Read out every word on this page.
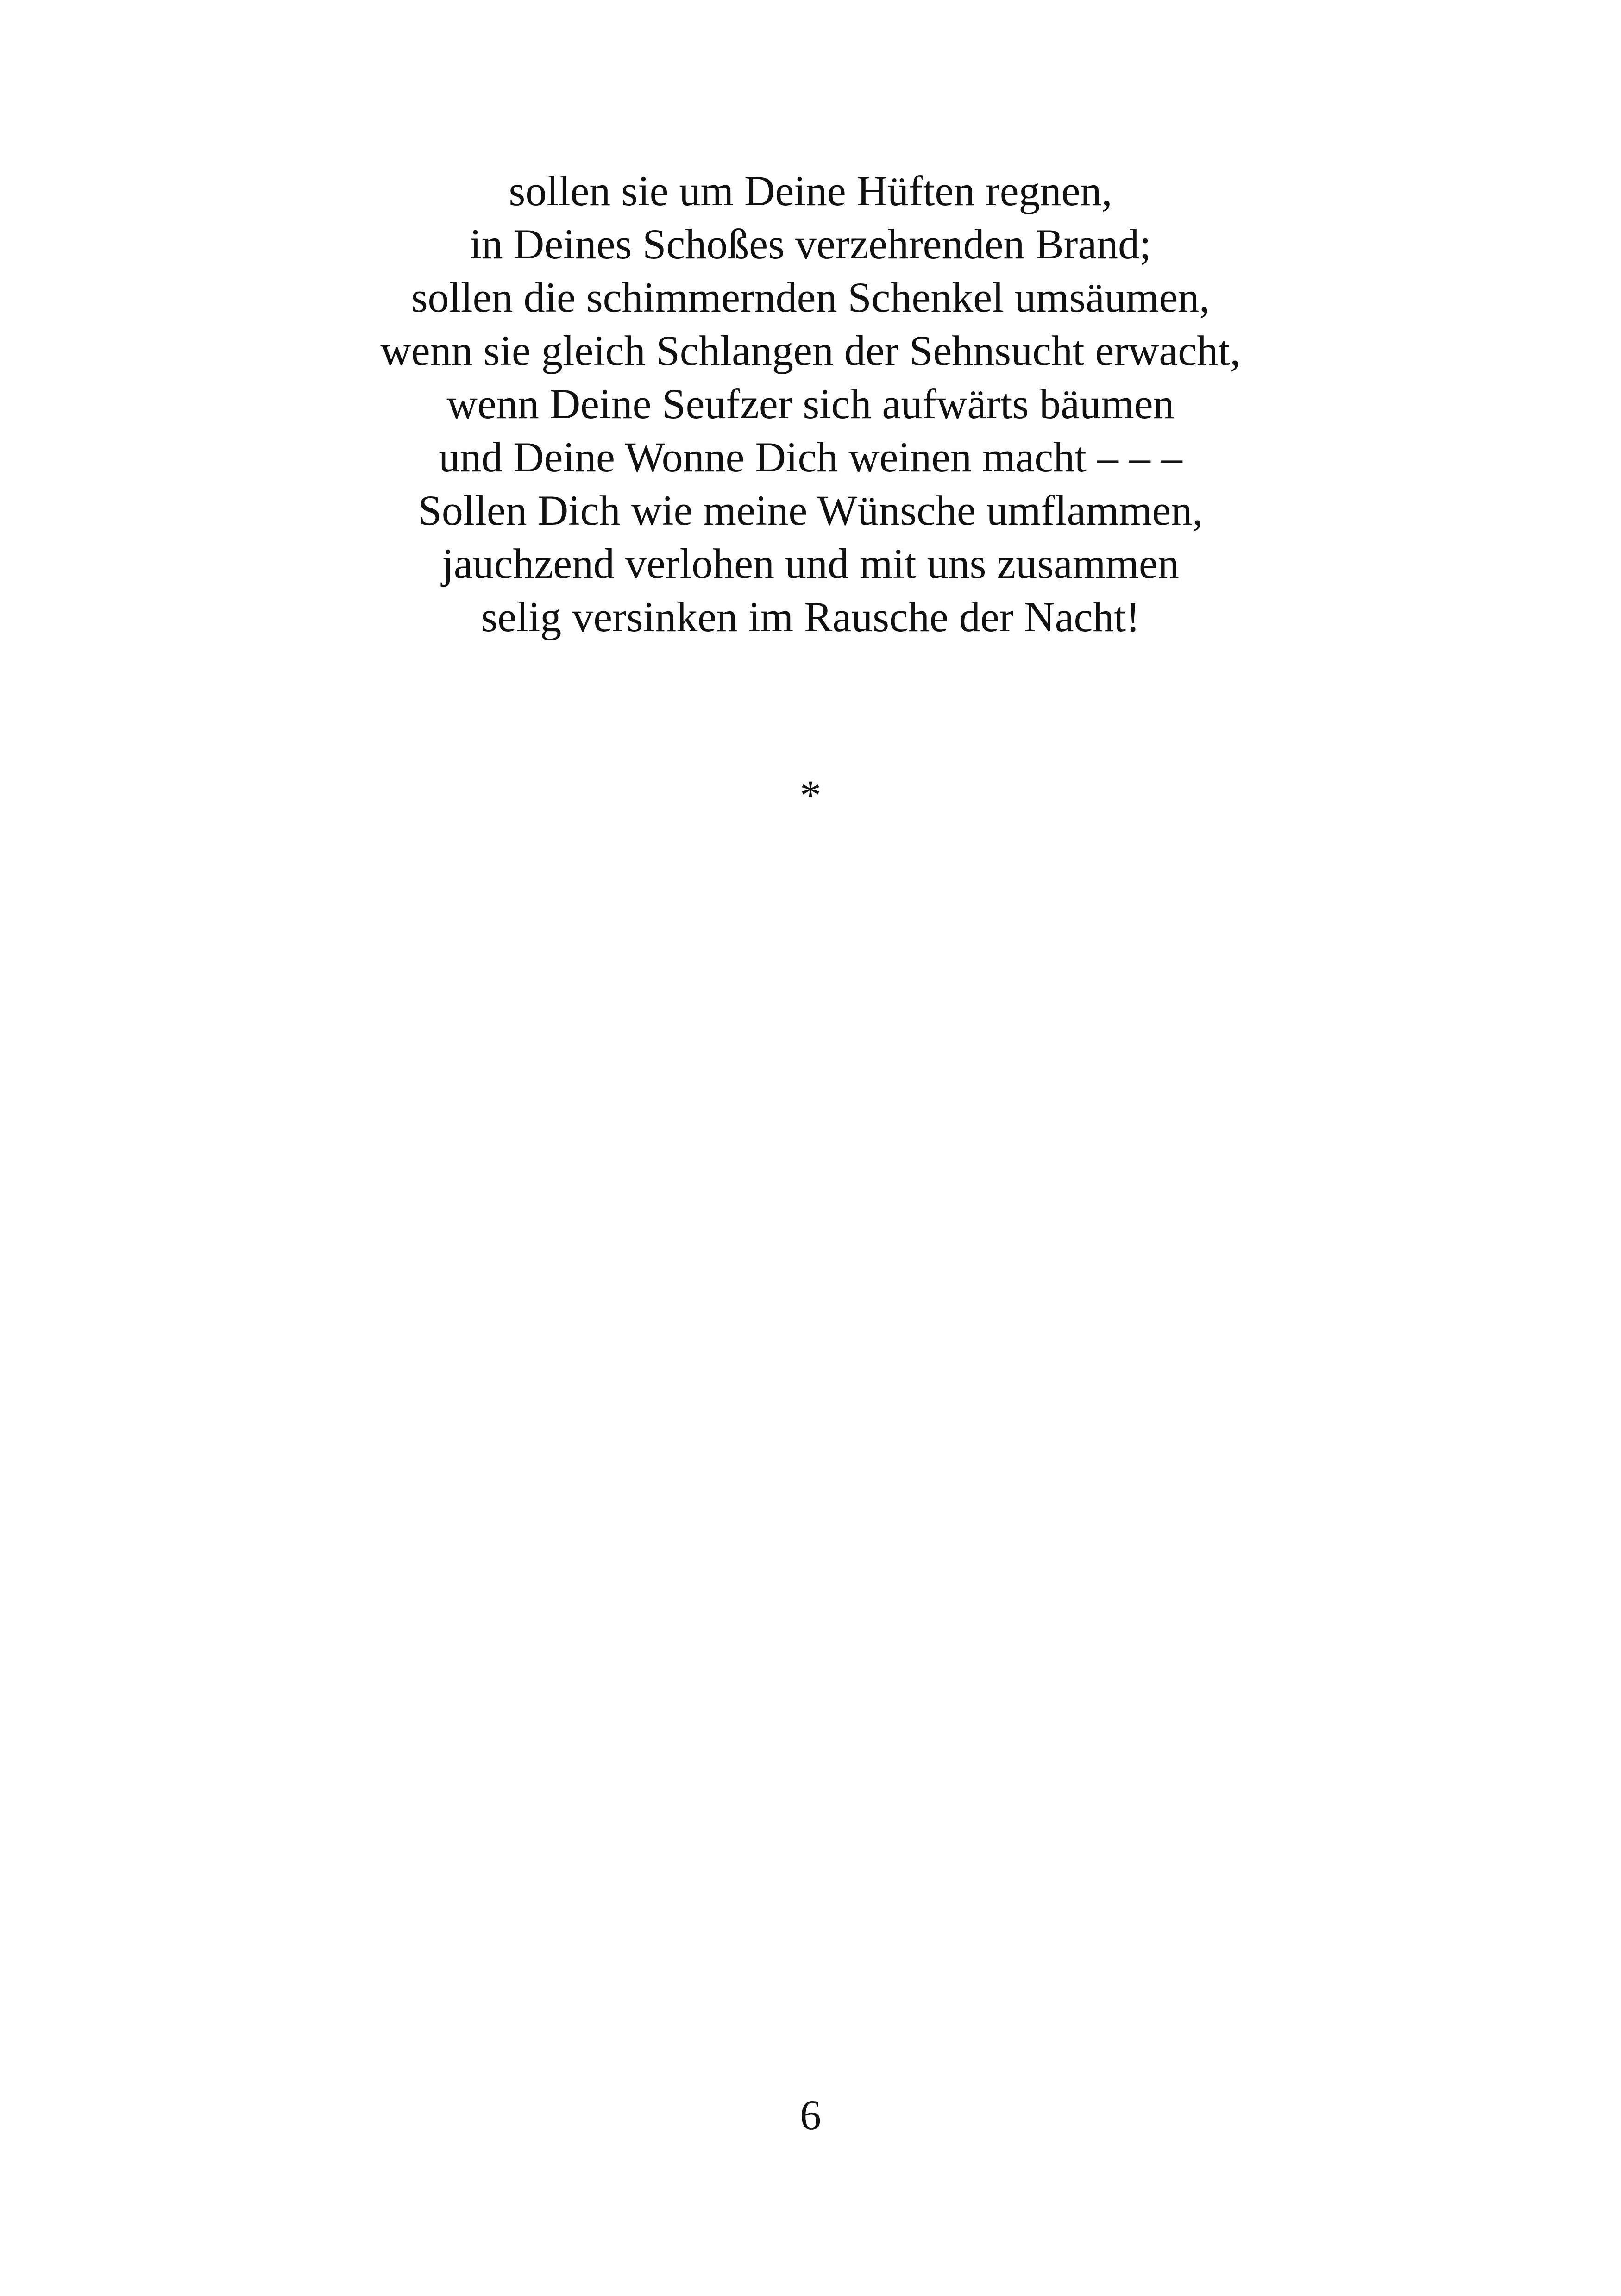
sollen sie um Deine Hüften regnen,
in Deines Schoßes verzehrenden Brand;
sollen die schimmernden Schenkel umsäumen,
wenn sie gleich Schlangen der Sehnsucht erwacht,
wenn Deine Seufzer sich aufwärts bäumen
und Deine Wonne Dich weinen macht – – –
Sollen Dich wie meine Wünsche umflammen,
jauchzend verlohen und mit uns zusammen
selig versinken im Rausche der Nacht!
*
6
